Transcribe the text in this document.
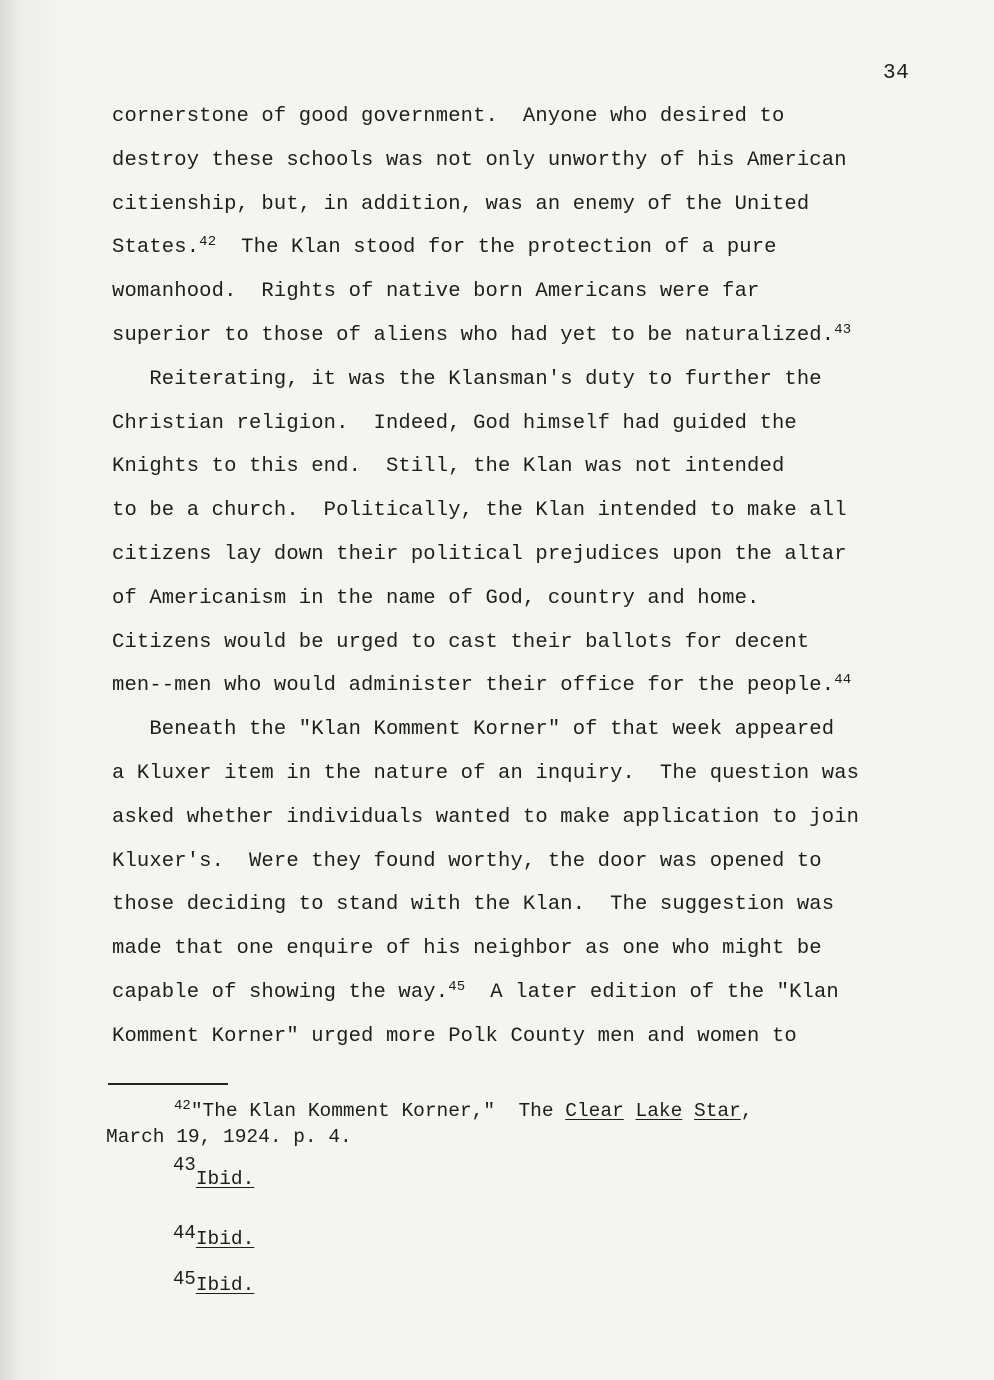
34
cornerstone of good government.  Anyone who desired to
destroy these schools was not only unworthy of his American
citienship, but, in addition, was an enemy of the United
States.$^{42}$  The Klan stood for the protection of a pure
womanhood.  Rights of native born Americans were far
superior to those of aliens who had yet to be naturalized.$^{43}$
Reiterating, it was the Klansman's duty to further the
Christian religion.  Indeed, God himself had guided the
Knights to this end.  Still, the Klan was not intended
to be a church.  Politically, the Klan intended to make all
citizens lay down their political prejudices upon the altar
of Americanism in the name of God, country and home.
Citizens would be urged to cast their ballots for decent
men--men who would administer their office for the people.$^{44}$
Beneath the "Klan Komment Korner" of that week appeared
a Kluxer item in the nature of an inquiry.  The question was
asked whether individuals wanted to make application to join
Kluxer's.  Were they found worthy, the door was opened to
those deciding to stand with the Klan.  The suggestion was
made that one enquire of his neighbor as one who might be
capable of showing the way.$^{45}$  A later edition of the "Klan
Komment Korner" urged more Polk County men and women to
$^{42}$"The Klan Komment Korner,"  The Clear Lake Star,
March 19, 1924. p. 4.
43Ibid.
$^{44}$Ibid.
$^{45}$Ibid.
